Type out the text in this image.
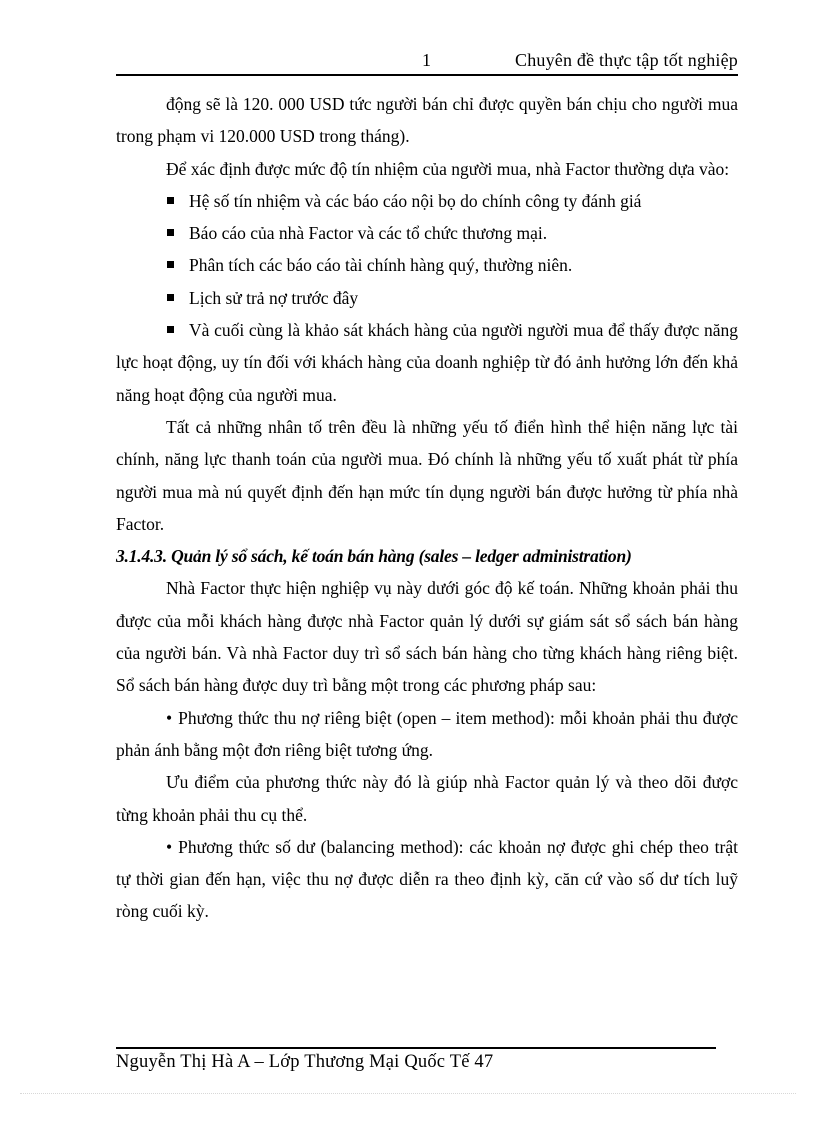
1	Chuyên đề thực tập tốt nghiệp

động sẽ là 120. 000 USD tức người bán chỉ được quyền bán chịu cho người mua trong phạm vi 120.000 USD trong tháng).

Để xác định được mức độ tín nhiệm của người mua, nhà Factor thường dựa vào:

Hệ số tín nhiệm và các báo cáo nội bọ do chính công ty đánh giá

Báo cáo của nhà Factor và các tổ chức thương mại.

Phân tích các báo cáo tài chính hàng quý, thường niên.

Lịch sử trả nợ trước đây

Và cuối cùng là khảo sát khách hàng của người người mua để thấy được năng lực hoạt động, uy tín đối với khách hàng của doanh nghiệp từ đó ảnh hưởng lớn đến khả năng hoạt động của người mua.

Tất cả những nhân tố trên đều là những yếu tố điển hình thể hiện năng lực tài chính, năng lực thanh toán của người mua. Đó chính là những yếu tố xuất phát từ phía người mua mà nú quyết định đến hạn mức tín dụng người bán được hưởng từ phía nhà Factor.

3.1.4.3. Quản lý sổ sách, kế toán bán hàng (sales – ledger administration)

Nhà Factor thực hiện nghiệp vụ này dưới góc độ kế toán. Những khoản phải thu được của mỗi khách hàng được nhà Factor quản lý dưới sự giám sát sổ sách bán hàng của người bán. Và nhà Factor duy trì sổ sách bán hàng cho từng khách hàng riêng biệt. Sổ sách bán hàng được duy trì bằng một trong các phương pháp sau:

• Phương thức thu nợ riêng biệt (open – item method): mỗi khoản phải thu được phản ánh bằng một đơn riêng biệt tương ứng.

Ưu điểm của phương thức này đó là giúp nhà Factor quản lý và theo dõi được từng khoản phải thu cụ thể.

• Phương thức số dư (balancing method): các khoản nợ được ghi chép theo trật tự thời gian đến hạn, việc thu nợ được diễn ra theo định kỳ, căn cứ vào số dư tích luỹ ròng cuối kỳ.

Nguyễn Thị Hà A – Lớp Thương Mại Quốc Tế 47
